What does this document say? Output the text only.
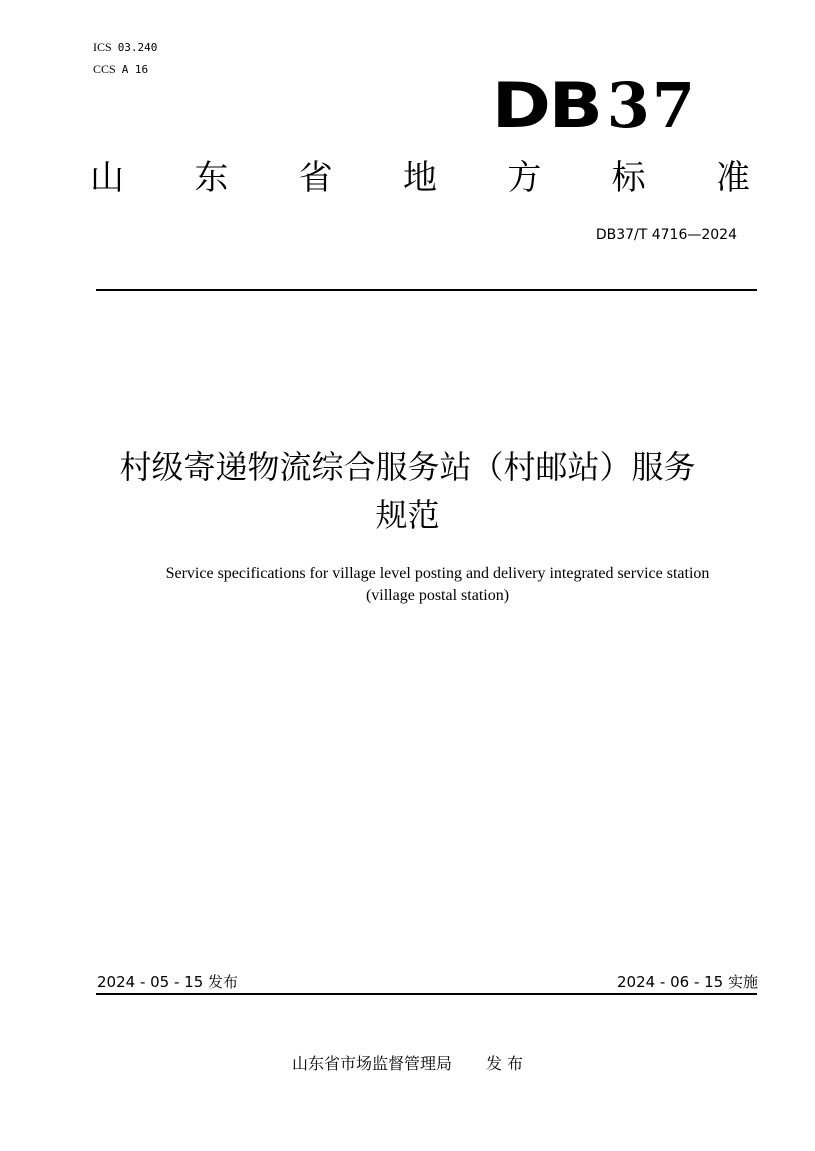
ICS 03.240
CCS A 16	DB 37
山 东 省 地 方 标 准
DB37/T 4716—2024
村级寄递物流综合服务站（村邮站）服务
规范
Service specifications for village level posting and delivery integrated service station
(village postal station)
2024 - 05 - 15 发布	2024 - 06 - 15 实施
山东省市场监督管理局 发 布
